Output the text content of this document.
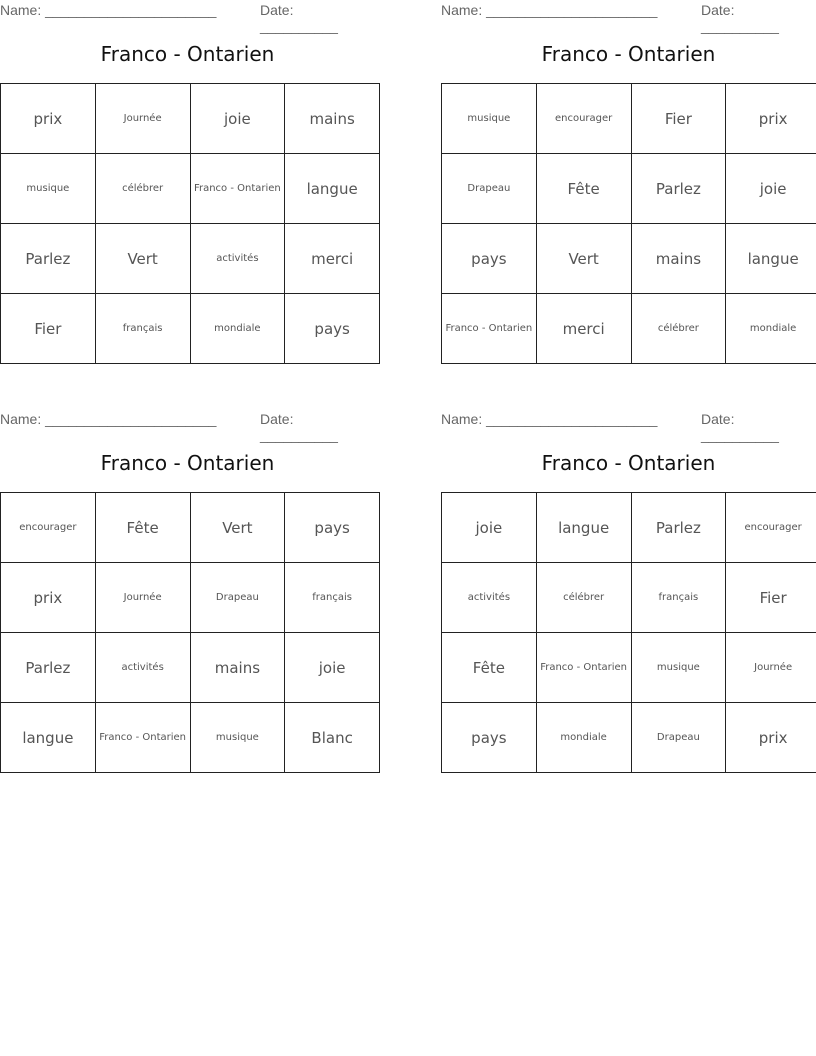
Name: ______________________	Date: __________
Franco - Ontarien
prix	Journée	joie	mains
musique	célébrer	Franco - Ontarien	langue
Parlez	Vert	activités	merci
Fier	français	mondiale	pays
Name: ______________________	Date: __________
Franco - Ontarien
musique	encourager	Fier	prix
Drapeau	Fête	Parlez	joie
pays	Vert	mains	langue
Franco - Ontarien	merci	célébrer	mondiale
Name: ______________________	Date: __________
Franco - Ontarien
encourager	Fête	Vert	pays
prix	Journée	Drapeau	français
Parlez	activités	mains	joie
langue	Franco - Ontarien	musique	Blanc
Name: ______________________	Date: __________
Franco - Ontarien
joie	langue	Parlez	encourager
activités	célébrer	français	Fier
Fête	Franco - Ontarien	musique	Journée
pays	mondiale	Drapeau	prix
